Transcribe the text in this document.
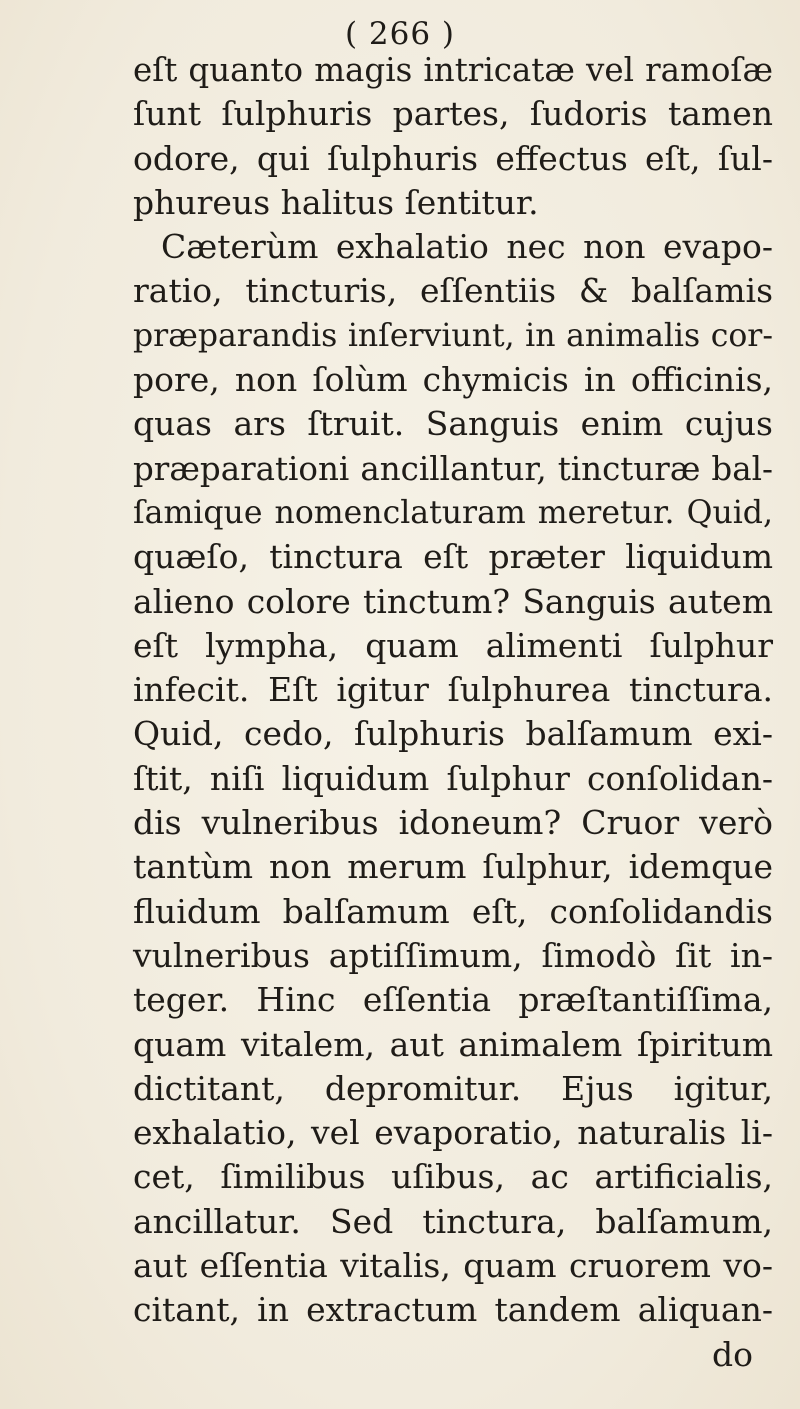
( 266 )
eſt quanto magis intricatæ vel ramoſæ
ſunt ſulphuris partes, ſudoris tamen
odore, qui ſulphuris effectus eſt, ſul-
phureus halitus ſentitur.
Cæterùm exhalatio nec non evapo-
ratio, tincturis, eſſentiis & balſamis
præparandis inſerviunt, in animalis cor-
pore, non ſolùm chymicis in officinis,
quas ars ſtruit. Sanguis enim cujus
præparationi ancillantur, tincturæ bal-
ſamique nomenclaturam meretur. Quid,
quæſo, tinctura eſt præter liquidum
alieno colore tinctum? Sanguis autem
eſt lympha, quam alimenti ſulphur
infecit. Eſt igitur ſulphurea tinctura.
Quid, cedo, ſulphuris balſamum exi-
ſtit, niſi liquidum ſulphur conſolidan-
dis vulneribus idoneum? Cruor verò
tantùm non merum ſulphur, idemque
fluidum balſamum eſt, conſolidandis
vulneribus aptiſſimum, ſimodò ſit in-
teger. Hinc eſſentia præſtantiſſima,
quam vitalem, aut animalem ſpiritum
dictitant, depromitur. Ejus igitur,
exhalatio, vel evaporatio, naturalis li-
cet, ſimilibus uſibus, ac artificialis,
ancillatur. Sed tinctura, balſamum,
aut eſſentia vitalis, quam cruorem vo-
citant, in extractum tandem aliquan-
do
